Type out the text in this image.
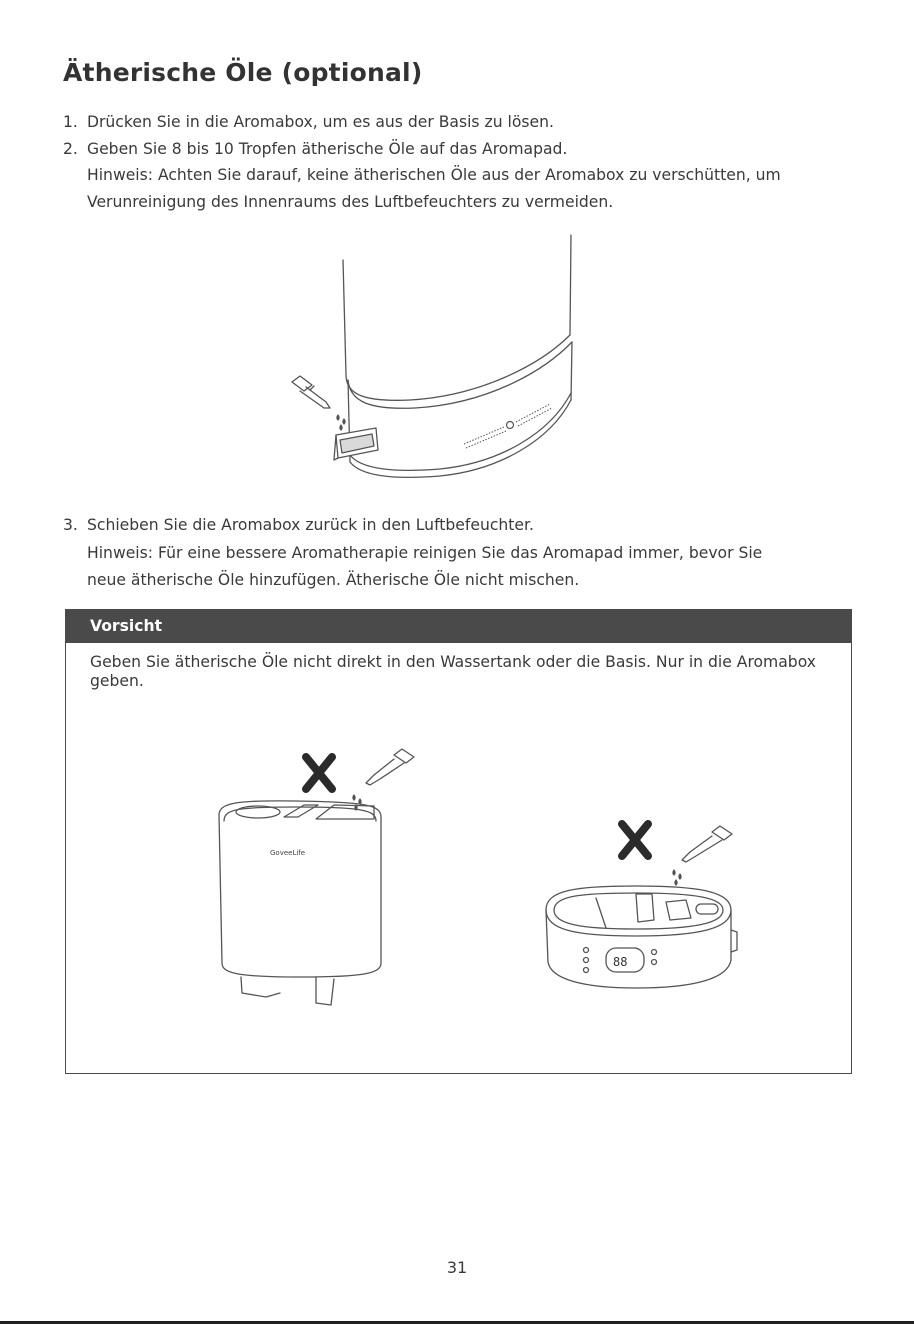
Ätherische Öle (optional)
1. Drücken Sie in die Aromabox, um es aus der Basis zu lösen.
2. Geben Sie 8 bis 10 Tropfen ätherische Öle auf das Aromapad.
Hinweis: Achten Sie darauf, keine ätherischen Öle aus der Aromabox zu verschütten, um
Verunreinigung des Innenraums des Luftbefeuchters zu vermeiden.
3. Schieben Sie die Aromabox zurück in den Luftbefeuchter.
Hinweis: Für eine bessere Aromatherapie reinigen Sie das Aromapad immer, bevor Sie
neue ätherische Öle hinzufügen. Ätherische Öle nicht mischen.
Vorsicht
Geben Sie ätherische Öle nicht direkt in den Wassertank oder die Basis. Nur in die Aromabox geben.
GoveeLife
88
31
